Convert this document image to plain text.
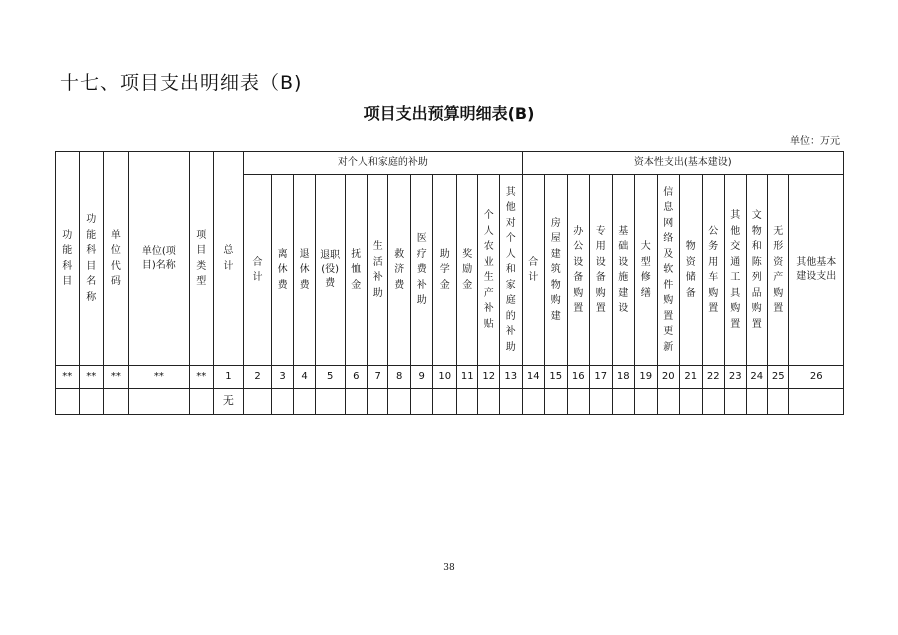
十七、项目支出明细表（B)
项目支出预算明细表(B)
单位：万元
功能科目	功能科目名称	单位代码	单位(项目)名称	项目类型	总计	对个人和家庭的补助												资本性支出(基本建设)												
						合计	离休费	退休费	退职(役)费	抚恤金	生活补助	救济费	医疗费补助	助学金	奖励金	个人农业生产补贴	其他对个人和家庭的补助	合计	房屋建筑物购建	办公设备购置	专用设备购置	基础设施建设	大型修缮	信息网络及软件购置更新	物资储备	公务用车购置	其他交通工具购置	文物和陈列品购置	无形资产购置	其他基本建设支出
**	**	**	**	**	1	2	3	4	5	6	7	8	9	10	11	12	13	14	15	16	17	18	19	20	21	22	23	24	25	26
					无																									
38
